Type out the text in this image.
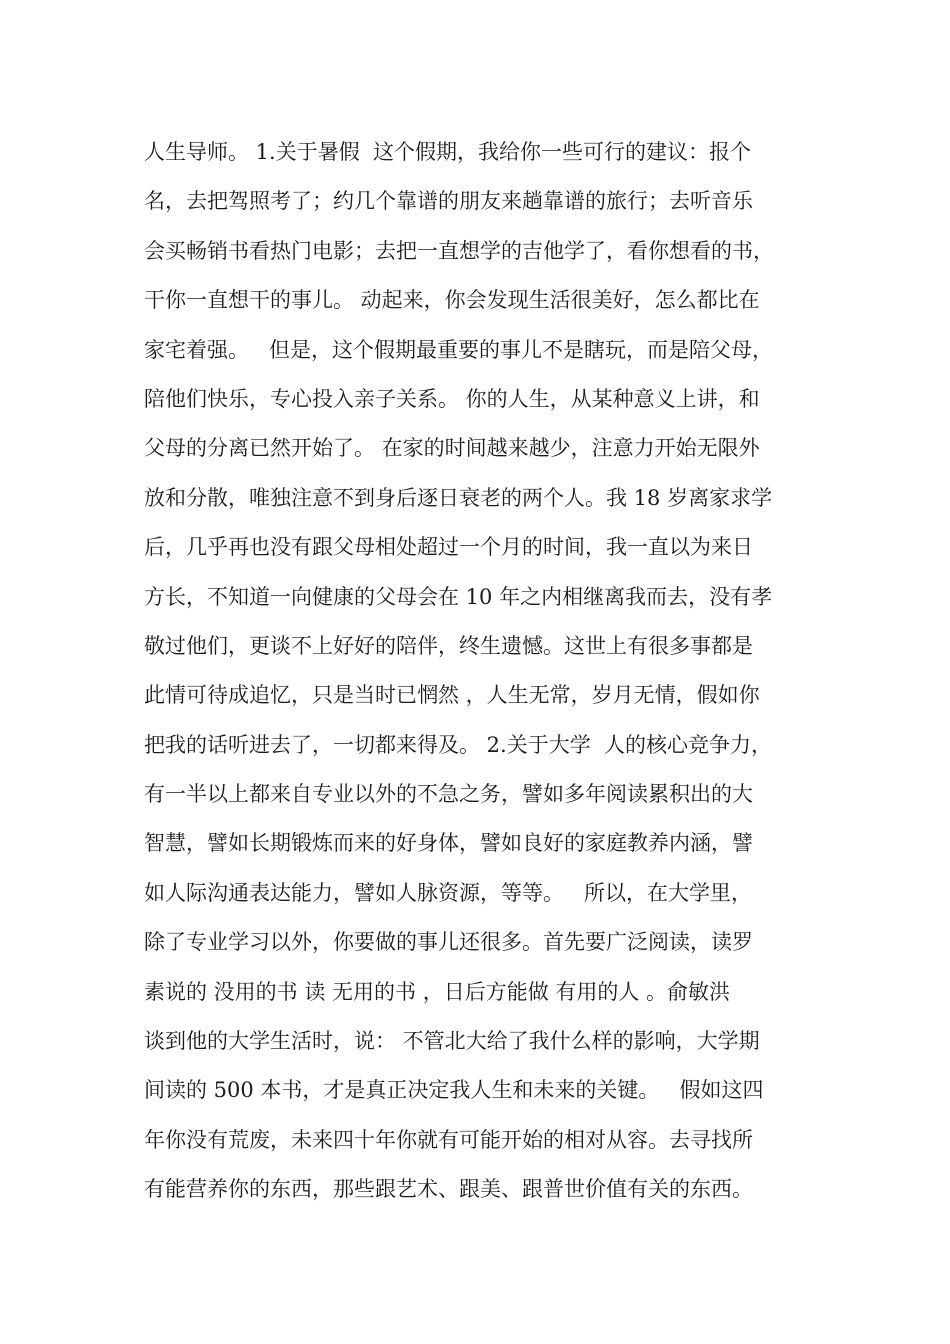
人生导师。 1.关于暑假  这个假期，我给你一些可行的建议：报个
名，去把驾照考了；约几个靠谱的朋友来趟靠谱的旅行；去听音乐
会买畅销书看热门电影；去把一直想学的吉他学了，看你想看的书，
干你一直想干的事儿。 动起来，你会发现生活很美好，怎么都比在
家宅着强。   但是，这个假期最重要的事儿不是瞎玩，而是陪父母，
陪他们快乐，专心投入亲子关系。 你的人生，从某种意义上讲，和
父母的分离已然开始了。 在家的时间越来越少，注意力开始无限外
放和分散，唯独注意不到身后逐日衰老的两个人。我 18 岁离家求学
后，几乎再也没有跟父母相处超过一个月的时间，我一直以为来日
方长，不知道一向健康的父母会在 10 年之内相继离我而去，没有孝
敬过他们，更谈不上好好的陪伴，终生遗憾。这世上有很多事都是
此情可待成追忆，只是当时已惘然 ，人生无常，岁月无情，假如你
把我的话听进去了，一切都来得及。 2.关于大学  人的核心竞争力，
有一半以上都来自专业以外的不急之务，譬如多年阅读累积出的大
智慧，譬如长期锻炼而来的好身体，譬如良好的家庭教养内涵，譬
如人际沟通表达能力，譬如人脉资源，等等。   所以，在大学里，
除了专业学习以外，你要做的事儿还很多。首先要广泛阅读，读罗
素说的 没用的书 读 无用的书 ，日后方能做 有用的人 。俞敏洪
谈到他的大学生活时，说： 不管北大给了我什么样的影响，大学期
间读的 500 本书，才是真正决定我人生和未来的关键。   假如这四
年你没有荒废，未来四十年你就有可能开始的相对从容。去寻找所
有能营养你的东西，那些跟艺术、跟美、跟普世价值有关的东西。
